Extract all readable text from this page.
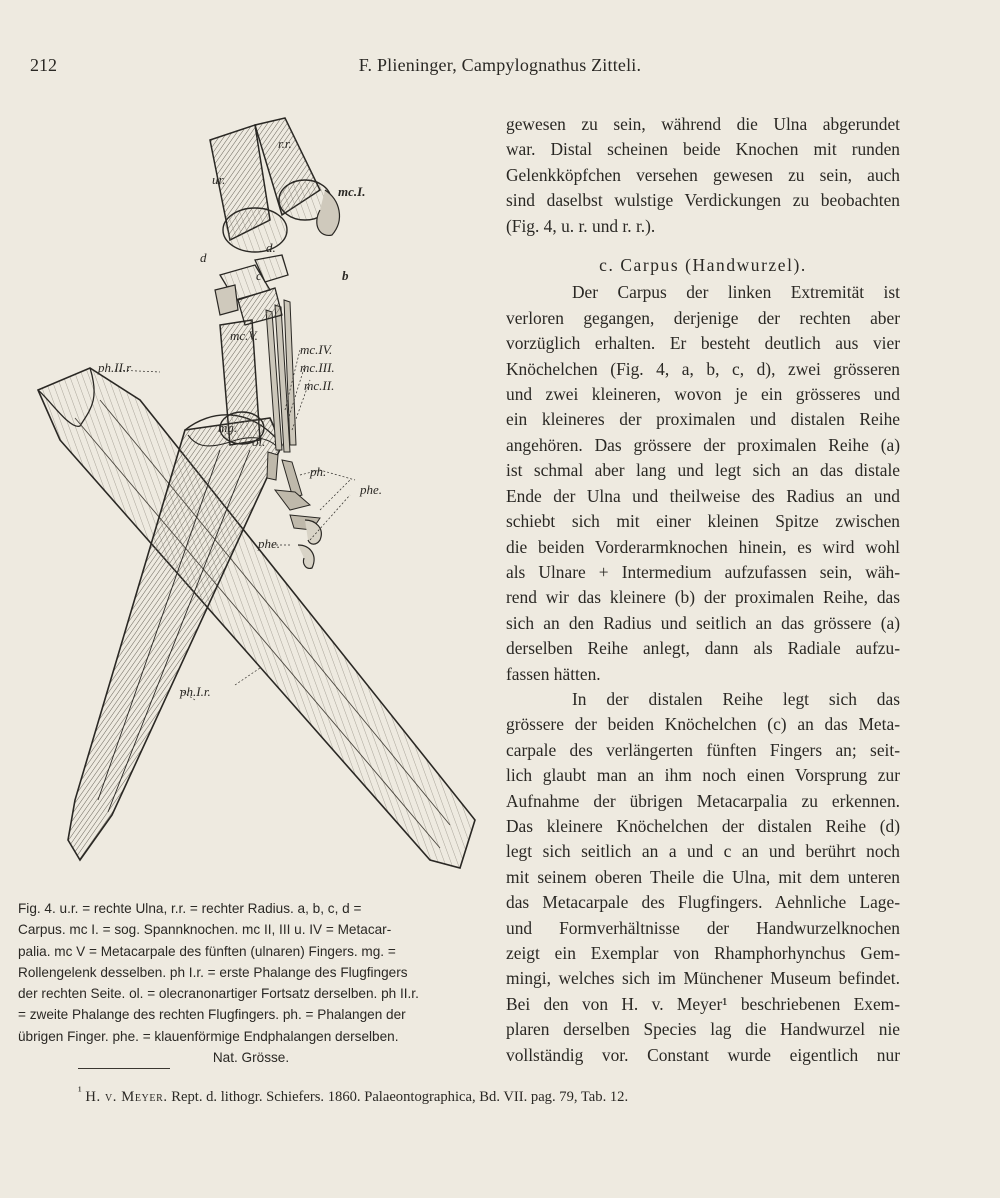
212	F. Plieninger, Campylognathus Zitteli.
r.r.
ur.
mc.I.
d.
d
c	b
mc.V.
mc.IV.
mc.III.
mc.II.
ph.II.r
mg.
ol.
ph.
phe.
phe.
ph.I.r.
Fig. 4. u.r. = rechte Ulna, r.r. = rechter Radius. a, b, c, d =
Carpus. mc I. = sog. Spannknochen. mc II, III u. IV = Metacar-
palia. mc V = Metacarpale des fünften (ulnaren) Fingers. mg. =
Rollengelenk desselben. ph I.r. = erste Phalange des Flugfingers
der rechten Seite. ol. = olecranonartiger Fortsatz derselben. ph II.r.
= zweite Phalange des rechten Flugfingers. ph. = Phalangen der
übrigen Finger. phe. = klauenförmige Endphalangen derselben.
Nat. Grösse.

gewesen zu sein, während die Ulna abgerundet
war. Distal scheinen beide Knochen mit runden
Gelenkköpfchen versehen gewesen zu sein, auch
sind daselbst wulstige Verdickungen zu beobachten
(Fig. 4, u. r. und r. r.).

c. Carpus (Handwurzel).

Der Carpus der linken Extremität ist
verloren gegangen, derjenige der rechten aber
vorzüglich erhalten. Er besteht deutlich aus vier
Knöchelchen (Fig. 4, a, b, c, d), zwei grösseren
und zwei kleineren, wovon je ein grösseres und
ein kleineres der proximalen und distalen Reihe
angehören. Das grössere der proximalen Reihe (a)
ist schmal aber lang und legt sich an das distale
Ende der Ulna und theilweise des Radius an und
schiebt sich mit einer kleinen Spitze zwischen
die beiden Vorderarmknochen hinein, es wird wohl
als Ulnare + Intermedium aufzufassen sein, wäh-
rend wir das kleinere (b) der proximalen Reihe, das
sich an den Radius und seitlich an das grössere (a)
derselben Reihe anlegt, dann als Radiale aufzu-
fassen hätten.

In der distalen Reihe legt sich das
grössere der beiden Knöchelchen (c) an das Meta-
carpale des verlängerten fünften Fingers an; seit-
lich glaubt man an ihm noch einen Vorsprung zur
Aufnahme der übrigen Metacarpalia zu erkennen.
Das kleinere Knöchelchen der distalen Reihe (d)
legt sich seitlich an a und c an und berührt noch
mit seinem oberen Theile die Ulna, mit dem unteren
das Metacarpale des Flugfingers. Aehnliche Lage-
und Formverhältnisse der Handwurzelknochen
zeigt ein Exemplar von Rhamphorhynchus Gem-
mingi, welches sich im Münchener Museum befindet.
Bei den von H. v. Meyer¹ beschriebenen Exem-
plaren derselben Species lag die Handwurzel nie
vollständig vor. Constant wurde eigentlich nur

$^{^1}$ H. v. Meyer. Rept. d. lithogr. Schiefers. 1860. Palaeontographica, Bd. VII. pag. 79, Tab. 12.
